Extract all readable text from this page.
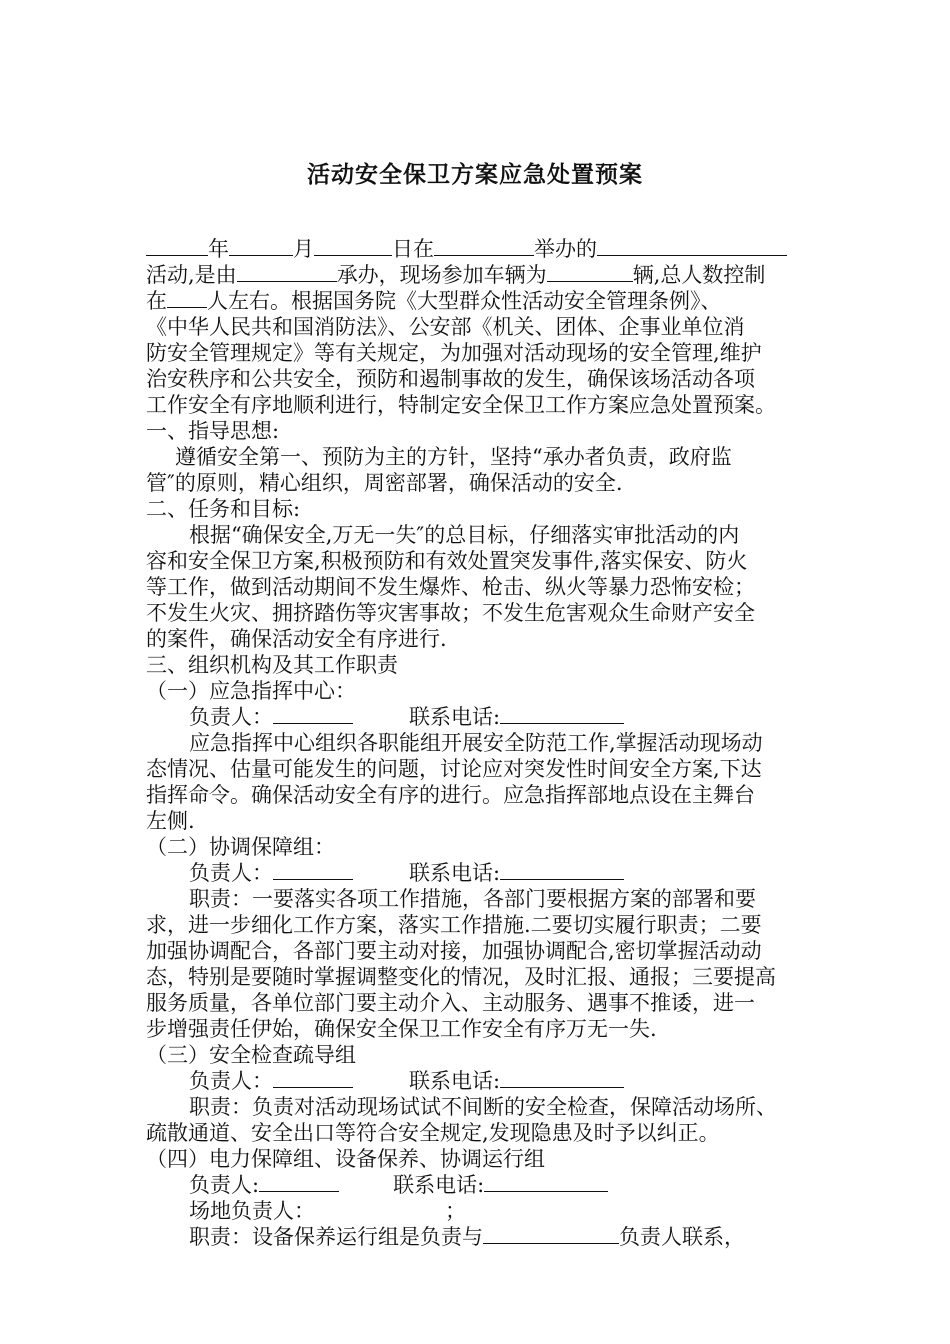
活动安全保卫方案应急处置预案
年	月	日在	举办的
活动,是由	承办，现场参加车辆为	辆,总人数控制
在 人左右。根据国务院《大型群众性活动安全管理条例》、
《中华人民共和国消防法》、公安部《机关、团体、企事业单位消
防安全管理规定》等有关规定，为加强对活动现场的安全管理,维护
治安秩序和公共安全，预防和遏制事故的发生，确保该场活动各项
工作安全有序地顺利进行，特制定安全保卫工作方案应急处置预案。
一、指导思想:
遵循安全第一、预防为主的方针，坚持“承办者负责，政府监
管″的原则，精心组织，周密部署，确保活动的安全.
二、任务和目标:
根据“确保安全,万无一失″的总目标，仔细落实审批活动的内
容和安全保卫方案,积极预防和有效处置突发事件,落实保安、防火
等工作，做到活动期间不发生爆炸、枪击、纵火等暴力恐怖安检；
不发生火灾、拥挤踏伤等灾害事故；不发生危害观众生命财产安全
的案件，确保活动安全有序进行.
三、组织机构及其工作职责
（一）应急指挥中心：
负责人：	联系电话:
应急指挥中心组织各职能组开展安全防范工作,掌握活动现场动
态情况、估量可能发生的问题，讨论应对突发性时间安全方案,下达
指挥命令。确保活动安全有序的进行。应急指挥部地点设在主舞台
左侧.
（二）协调保障组：
负责人：	联系电话:
职责：一要落实各项工作措施，各部门要根据方案的部署和要
求，进一步细化工作方案，落实工作措施.二要切实履行职责；二要
加强协调配合，各部门要主动对接，加强协调配合,密切掌握活动动
态，特别是要随时掌握调整变化的情况，及时汇报、通报；三要提高
服务质量，各单位部门要主动介入、主动服务、遇事不推诿，进一
步增强责任伊始，确保安全保卫工作安全有序万无一失.
（三）安全检查疏导组
负责人：	联系电话:
职责：负责对活动现场试试不间断的安全检查，保障活动场所、
疏散通道、安全出口等符合安全规定,发现隐患及时予以纠正。
（四）电力保障组、设备保养、协调运行组
负责人:	联系电话:
场地负责人：	；
职责：设备保养运行组是负责与	负责人联系，
